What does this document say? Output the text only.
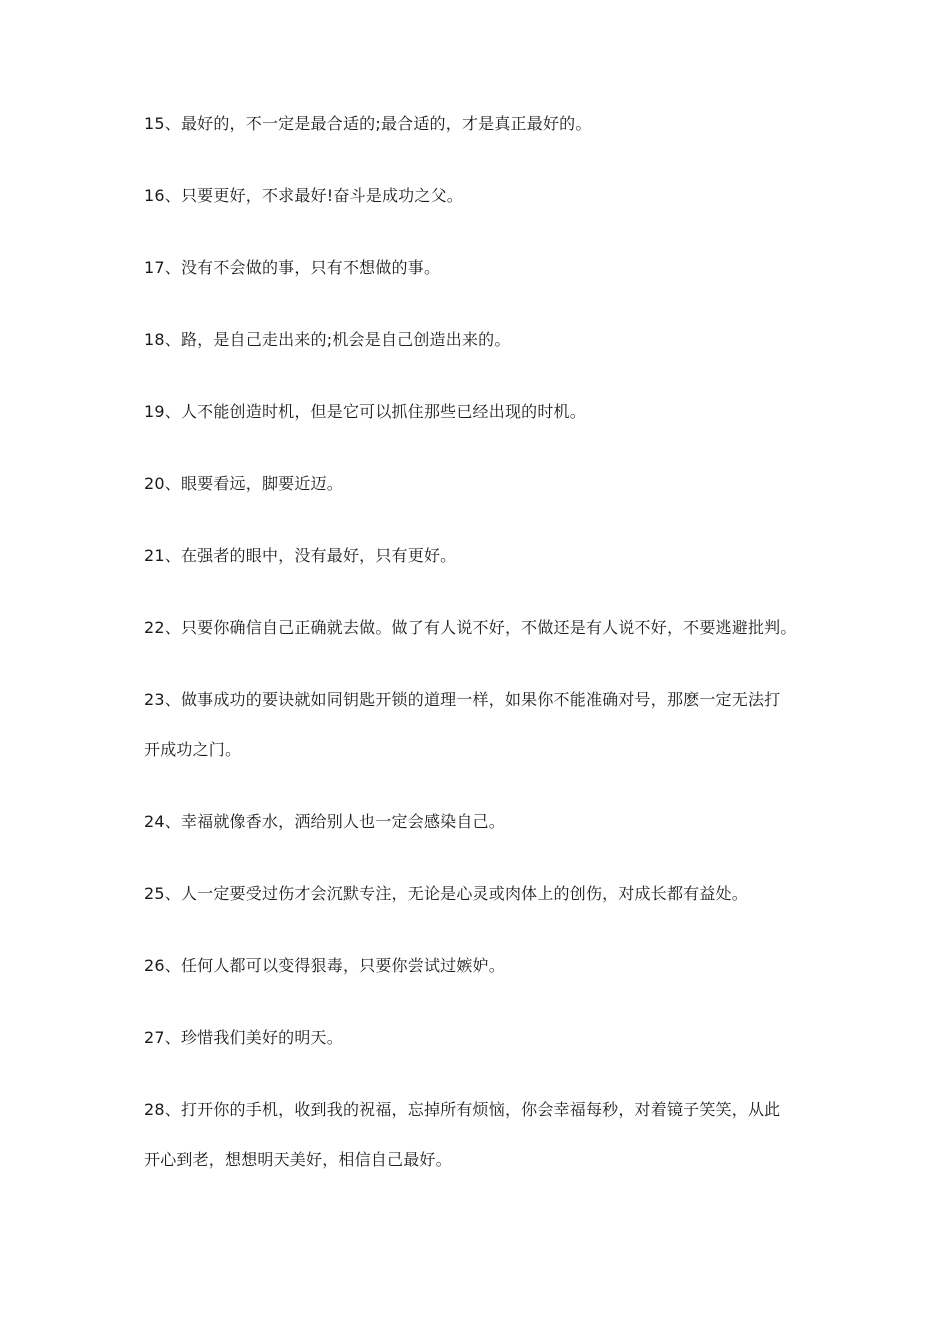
15、最好的，不一定是最合适的;最合适的，才是真正最好的。
16、只要更好，不求最好!奋斗是成功之父。
17、没有不会做的事，只有不想做的事。
18、路，是自己走出来的;机会是自己创造出来的。
19、人不能创造时机，但是它可以抓住那些已经出现的时机。
20、眼要看远，脚要近迈。
21、在强者的眼中，没有最好，只有更好。
22、只要你确信自己正确就去做。做了有人说不好，不做还是有人说不好，不要逃避批判。
23、做事成功的要诀就如同钥匙开锁的道理一样，如果你不能准确对号，那麽一定无法打
开成功之门。
24、幸福就像香水，洒给别人也一定会感染自己。
25、人一定要受过伤才会沉默专注，无论是心灵或肉体上的创伤，对成长都有益处。
26、任何人都可以变得狠毒，只要你尝试过嫉妒。
27、珍惜我们美好的明天。
28、打开你的手机，收到我的祝福，忘掉所有烦恼，你会幸福每秒，对着镜子笑笑，从此
开心到老，想想明天美好，相信自己最好。
